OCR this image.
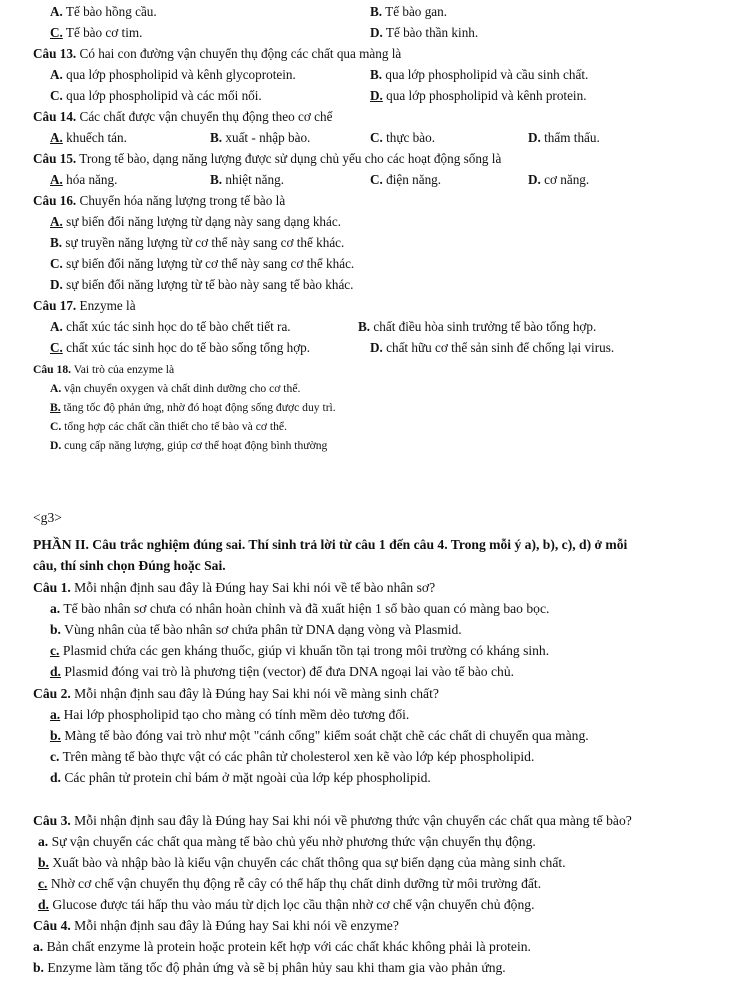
A. Tế bào hồng cầu.	B. Tế bào gan.
C. Tế bào cơ tim.	D. Tế bào thần kinh.
Câu 13. Có hai con đường vận chuyển thụ động các chất qua màng là
A. qua lớp phospholipid và kênh glycoprotein.	B. qua lớp phospholipid và cầu sinh chất.
C. qua lớp phospholipid và các mối nối.	D. qua lớp phospholipid và kênh protein.
Câu 14. Các chất được vận chuyển thụ động theo cơ chế
A. khuếch tán.	B. xuất - nhập bào.	C. thực bào.	D. thẩm thấu.
Câu 15. Trong tế bào, dạng năng lượng được sử dụng chủ yếu cho các hoạt động sống là
A. hóa năng.	B. nhiệt năng.	C. điện năng.	D. cơ năng.
Câu 16. Chuyển hóa năng lượng trong tế bào là
A. sự biến đổi năng lượng từ dạng này sang dạng khác.
B. sự truyền năng lượng từ cơ thể này sang cơ thể khác.
C. sự biến đổi năng lượng từ cơ thể này sang cơ thể khác.
D. sự biến đổi năng lượng từ tế bào này sang tế bào khác.
Câu 17. Enzyme là
A. chất xúc tác sinh học do tế bào chết tiết ra.	B. chất điều hòa sinh trưởng tế bào tổng hợp.
C. chất xúc tác sinh học do tế bào sống tổng hợp.	D. chất hữu cơ thể sản sinh để chống lại virus.
Câu 18. Vai trò của enzyme là
A. vận chuyển oxygen và chất dinh dưỡng cho cơ thể.
B. tăng tốc độ phản ứng, nhờ đó hoạt động sống được duy trì.
C. tổng hợp các chất cần thiết cho tế bào và cơ thể.
D. cung cấp năng lượng, giúp cơ thể hoạt động bình thường
<g3>
PHẦN II. Câu trắc nghiệm đúng sai. Thí sinh trả lời từ câu 1 đến câu 4. Trong mỗi ý a), b), c), d) ở mỗi
câu, thí sinh chọn Đúng hoặc Sai.
Câu 1. Mỗi nhận định sau đây là Đúng hay Sai khi nói về tế bào nhân sơ?
a. Tế bào nhân sơ chưa có nhân hoàn chỉnh và đã xuất hiện 1 số bào quan có màng bao bọc.
b. Vùng nhân của tế bào nhân sơ chứa phân tử DNA dạng vòng và Plasmid.
c. Plasmid chứa các gen kháng thuốc, giúp vi khuẩn tồn tại trong môi trường có kháng sinh.
d. Plasmid đóng vai trò là phương tiện (vector) để đưa DNA ngoại lai vào tế bào chủ.
Câu 2. Mỗi nhận định sau đây là Đúng hay Sai khi nói về màng sinh chất?
a. Hai lớp phospholipid tạo cho màng có tính mềm dẻo tương đối.
b. Màng tế bào đóng vai trò như một "cánh cổng" kiểm soát chặt chẽ các chất di chuyển qua màng.
c. Trên màng tế bào thực vật có các phân tử cholesterol xen kẽ vào lớp kép phospholipid.
d. Các phân tử protein chỉ bám ở mặt ngoài của lớp kép phospholipid.
Câu 3. Mỗi nhận định sau đây là Đúng hay Sai khi nói về phương thức vận chuyển các chất qua màng tế bào?
a. Sự vận chuyển các chất qua màng tế bào chủ yếu nhờ phương thức vận chuyển thụ động.
b. Xuất bào và nhập bào là kiểu vận chuyển các chất thông qua sự biến dạng của màng sinh chất.
c. Nhờ cơ chế vận chuyển thụ động rễ cây có thể hấp thụ chất dinh dưỡng từ môi trường đất.
d. Glucose được tái hấp thu vào máu từ dịch lọc cầu thận nhờ cơ chế vận chuyển chủ động.
Câu 4. Mỗi nhận định sau đây là Đúng hay Sai khi nói về enzyme?
a. Bản chất enzyme là protein hoặc protein kết hợp với các chất khác không phải là protein.
b. Enzyme làm tăng tốc độ phản ứng và sẽ bị phân hủy sau khi tham gia vào phản ứng.
